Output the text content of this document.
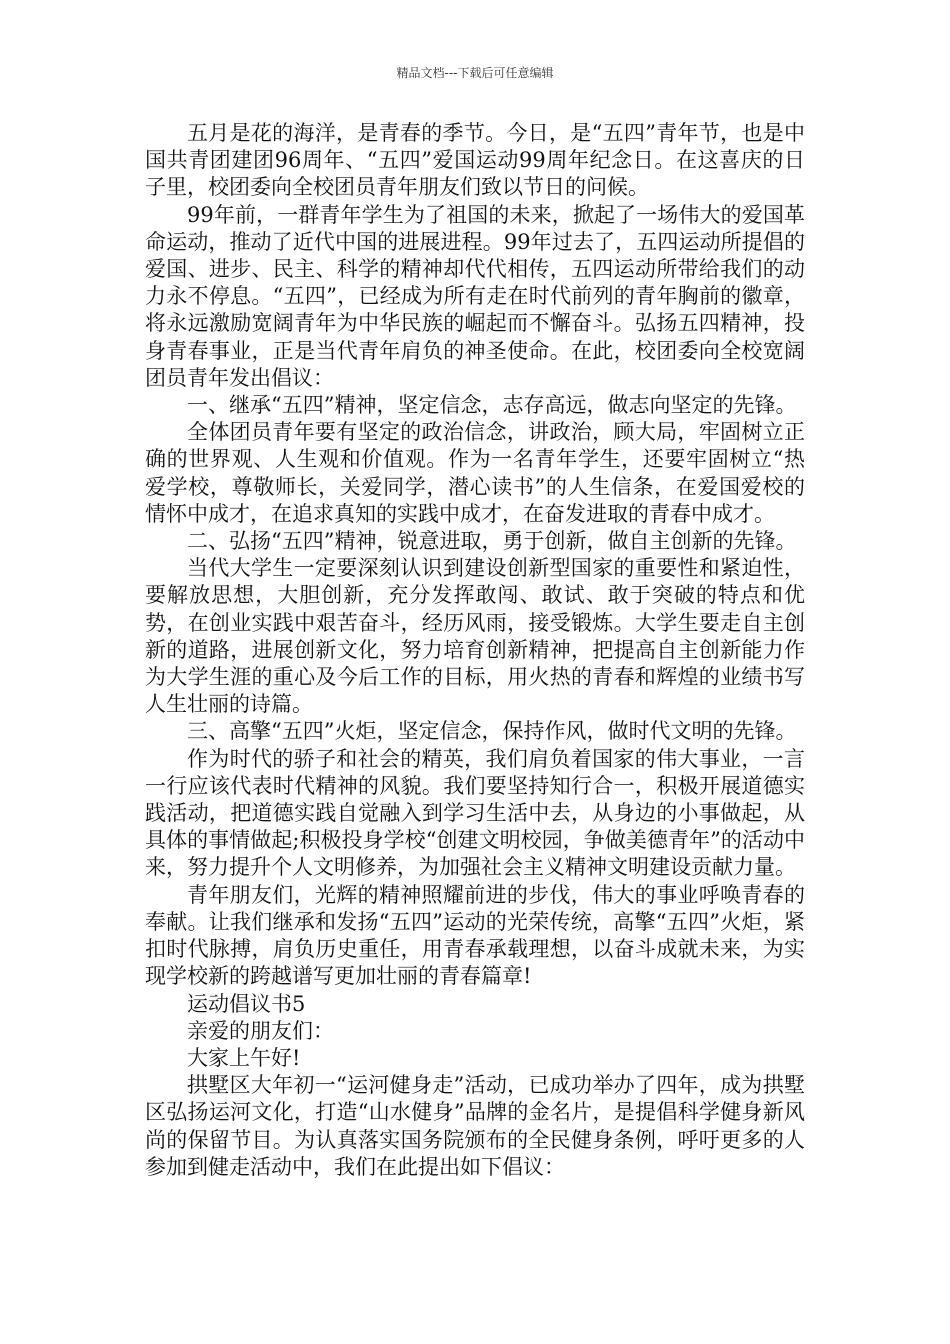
精品文档---下载后可任意编辑

五月是花的海洋，是青春的季节。今日，是“五四”青年节，也是中国共青团建团96周年、“五四”爱国运动99周年纪念日。在这喜庆的日子里，校团委向全校团员青年朋友们致以节日的问候。

99年前，一群青年学生为了祖国的未来，掀起了一场伟大的爱国革命运动，推动了近代中国的进展进程。99年过去了，五四运动所提倡的爱国、进步、民主、科学的精神却代代相传，五四运动所带给我们的动力永不停息。“五四”，已经成为所有走在时代前列的青年胸前的徽章，将永远激励宽阔青年为中华民族的崛起而不懈奋斗。弘扬五四精神，投身青春事业，正是当代青年肩负的神圣使命。在此，校团委向全校宽阔团员青年发出倡议：

一、继承“五四”精神，坚定信念，志存高远，做志向坚定的先锋。

全体团员青年要有坚定的政治信念，讲政治，顾大局，牢固树立正确的世界观、人生观和价值观。作为一名青年学生，还要牢固树立“热爱学校，尊敬师长，关爱同学，潜心读书”的人生信条，在爱国爱校的情怀中成才，在追求真知的实践中成才，在奋发进取的青春中成才。

二、弘扬“五四”精神，锐意进取，勇于创新，做自主创新的先锋。

当代大学生一定要深刻认识到建设创新型国家的重要性和紧迫性，要解放思想，大胆创新，充分发挥敢闯、敢试、敢于突破的特点和优势，在创业实践中艰苦奋斗，经历风雨，接受锻炼。大学生要走自主创新的道路，进展创新文化，努力培育创新精神，把提高自主创新能力作为大学生涯的重心及今后工作的目标，用火热的青春和辉煌的业绩书写人生壮丽的诗篇。

三、高擎“五四”火炬，坚定信念，保持作风，做时代文明的先锋。

作为时代的骄子和社会的精英，我们肩负着国家的伟大事业，一言一行应该代表时代精神的风貌。我们要坚持知行合一，积极开展道德实践活动，把道德实践自觉融入到学习生活中去，从身边的小事做起，从具体的事情做起;积极投身学校“创建文明校园，争做美德青年”的活动中来，努力提升个人文明修养，为加强社会主义精神文明建设贡献力量。

青年朋友们，光辉的精神照耀前进的步伐，伟大的事业呼唤青春的奉献。让我们继承和发扬“五四”运动的光荣传统，高擎“五四”火炬，紧扣时代脉搏，肩负历史重任，用青春承载理想，以奋斗成就未来，为实现学校新的跨越谱写更加壮丽的青春篇章!

运动倡议书5

亲爱的朋友们：

大家上午好!

拱墅区大年初一“运河健身走”活动，已成功举办了四年，成为拱墅区弘扬运河文化，打造“山水健身”品牌的金名片，是提倡科学健身新风尚的保留节目。为认真落实国务院颁布的全民健身条例，呼吁更多的人参加到健走活动中，我们在此提出如下倡议：
